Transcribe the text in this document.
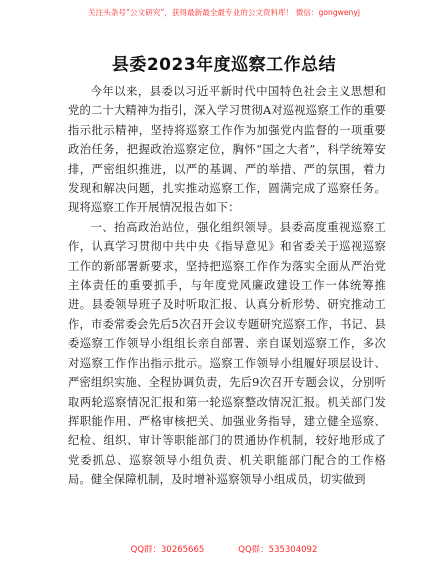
关注头条号“公文研究”，获得最新最全最专业的公文资料库！ 微信：gongwenyj
县委2023年度巡察工作总结

今年以来，县委以习近平新时代中国特色社会主义思想和党的二十大精神为指引，深入学习贯彻A对巡视巡察工作的重要指示批示精神，坚持将巡察工作作为加强党内监督的一项重要政治任务，把握政治巡察定位，胸怀“国之大者”，科学统筹安排，严密组织推进，以严的基调、严的举措、严的氛围，着力发现和解决问题，扎实推动巡察工作，圆满完成了巡察任务。现将巡察工作开展情况报告如下：

一、抬高政治站位，强化组织领导。县委高度重视巡察工作，认真学习贯彻中共中央《指导意见》和省委关于巡视巡察工作的新部署新要求，坚持把巡察工作作为落实全面从严治党主体责任的重要抓手，与年度党风廉政建设工作一体统筹推进。县委领导班子及时听取汇报、认真分析形势、研究推动工作，市委常委会先后5次召开会议专题研究巡察工作，书记、县委巡察工作领导小组组长亲自部署、亲自谋划巡察工作，多次对巡察工作作出指示批示。巡察工作领导小组履好项层设计、严密组织实施、全程协调负责，先后9次召开专题会议，分别听取两轮巡察情况汇报和第一轮巡察整改情况汇报。机关部门发挥职能作用、严格审核把关、加强业务指导，建立健全巡察、纪检、组织、审计等职能部门的贯通协作机制，较好地形成了党委抓总、巡察领导小组负责、机关职能部门配合的工作格局。健全保障机制，及时增补巡察领导小组成员，切实做到

QQ群：30265665	QQ群：535304092
